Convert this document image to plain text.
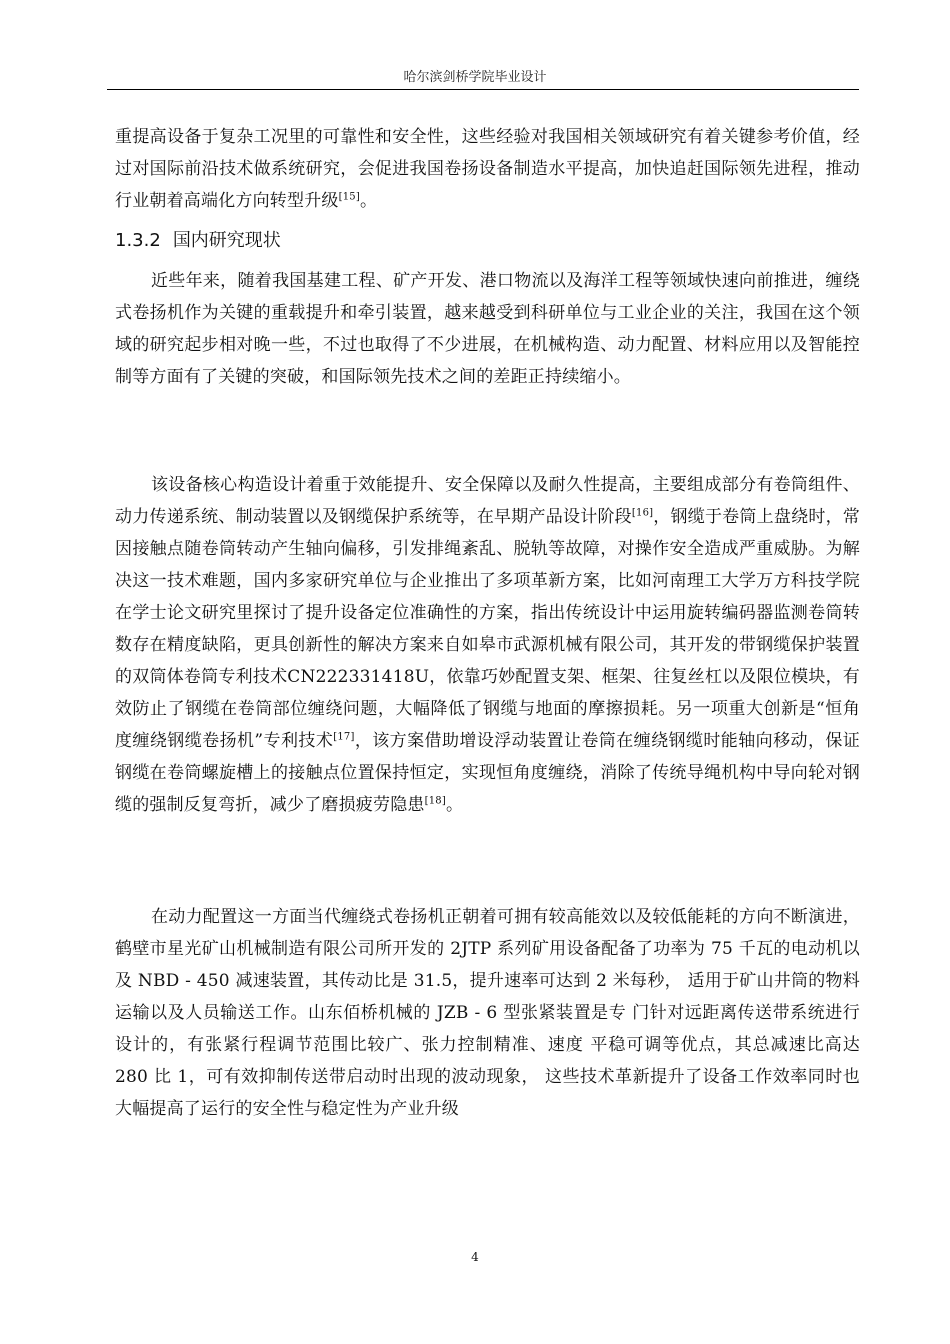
哈尔滨剑桥学院毕业设计

重提高设备于复杂工况里的可靠性和安全性，这些经验对我国相关领域研究有着关键参考价值，经过对国际前沿技术做系统研究，会促进我国卷扬设备制造水平提高，加快追赶国际领先进程，推动行业朝着高端化方向转型升级[15]。

1.3.2 国内研究现状

近些年来，随着我国基建工程、矿产开发、港口物流以及海洋工程等领域快速向前推进，缠绕式卷扬机作为关键的重载提升和牵引装置，越来越受到科研单位与工业企业的关注，我国在这个领域的研究起步相对晚一些，不过也取得了不少进展，在机械构造、动力配置、材料应用以及智能控制等方面有了关键的突破，和国际领先技术之间的差距正持续缩小。

该设备核心构造设计着重于效能提升、安全保障以及耐久性提高，主要组成部分有卷筒组件、动力传递系统、制动装置以及钢缆保护系统等，在早期产品设计阶段[16]，钢缆于卷筒上盘绕时，常因接触点随卷筒转动产生轴向偏移，引发排绳紊乱、脱轨等故障，对操作安全造成严重威胁。为解决这一技术难题，国内多家研究单位与企业推出了多项革新方案，比如河南理工大学万方科技学院在学士论文研究里探讨了提升设备定位准确性的方案，指出传统设计中运用旋转编码器监测卷筒转数存在精度缺陷，更具创新性的解决方案来自如皋市武源机械有限公司，其开发的带钢缆保护装置的双筒体卷筒专利技术CN222331418U，依靠巧妙配置支架、框架、往复丝杠以及限位模块，有效防止了钢缆在卷筒部位缠绕问题，大幅降低了钢缆与地面的摩擦损耗。另一项重大创新是“恒角度缠绕钢缆卷扬机”专利技术[17]，该方案借助增设浮动装置让卷筒在缠绕钢缆时能轴向移动，保证钢缆在卷筒螺旋槽上的接触点位置保持恒定，实现恒角度缠绕，消除了传统导绳机构中导向轮对钢缆的强制反复弯折，减少了磨损疲劳隐患[18]。

在动力配置这一方面当代缠绕式卷扬机正朝着可拥有较高能效以及较低能耗的方向不断演进，鹤壁市星光矿山机械制造有限公司所开发的 2JTP 系列矿用设备配备了功率为 75 千瓦的电动机以及 NBD - 450 减速装置，其传动比是 31.5，提升速率可达到 2 米每秒， 适用于矿山井筒的物料运输以及人员输送工作。山东佰桥机械的 JZB - 6 型张紧装置是专 门针对远距离传送带系统进行设计的，有张紧行程调节范围比较广、张力控制精准、速度 平稳可调等优点，其总减速比高达 280 比 1，可有效抑制传送带启动时出现的波动现象， 这些技术革新提升了设备工作效率同时也大幅提高了运行的安全性与稳定性为产业升级

4
